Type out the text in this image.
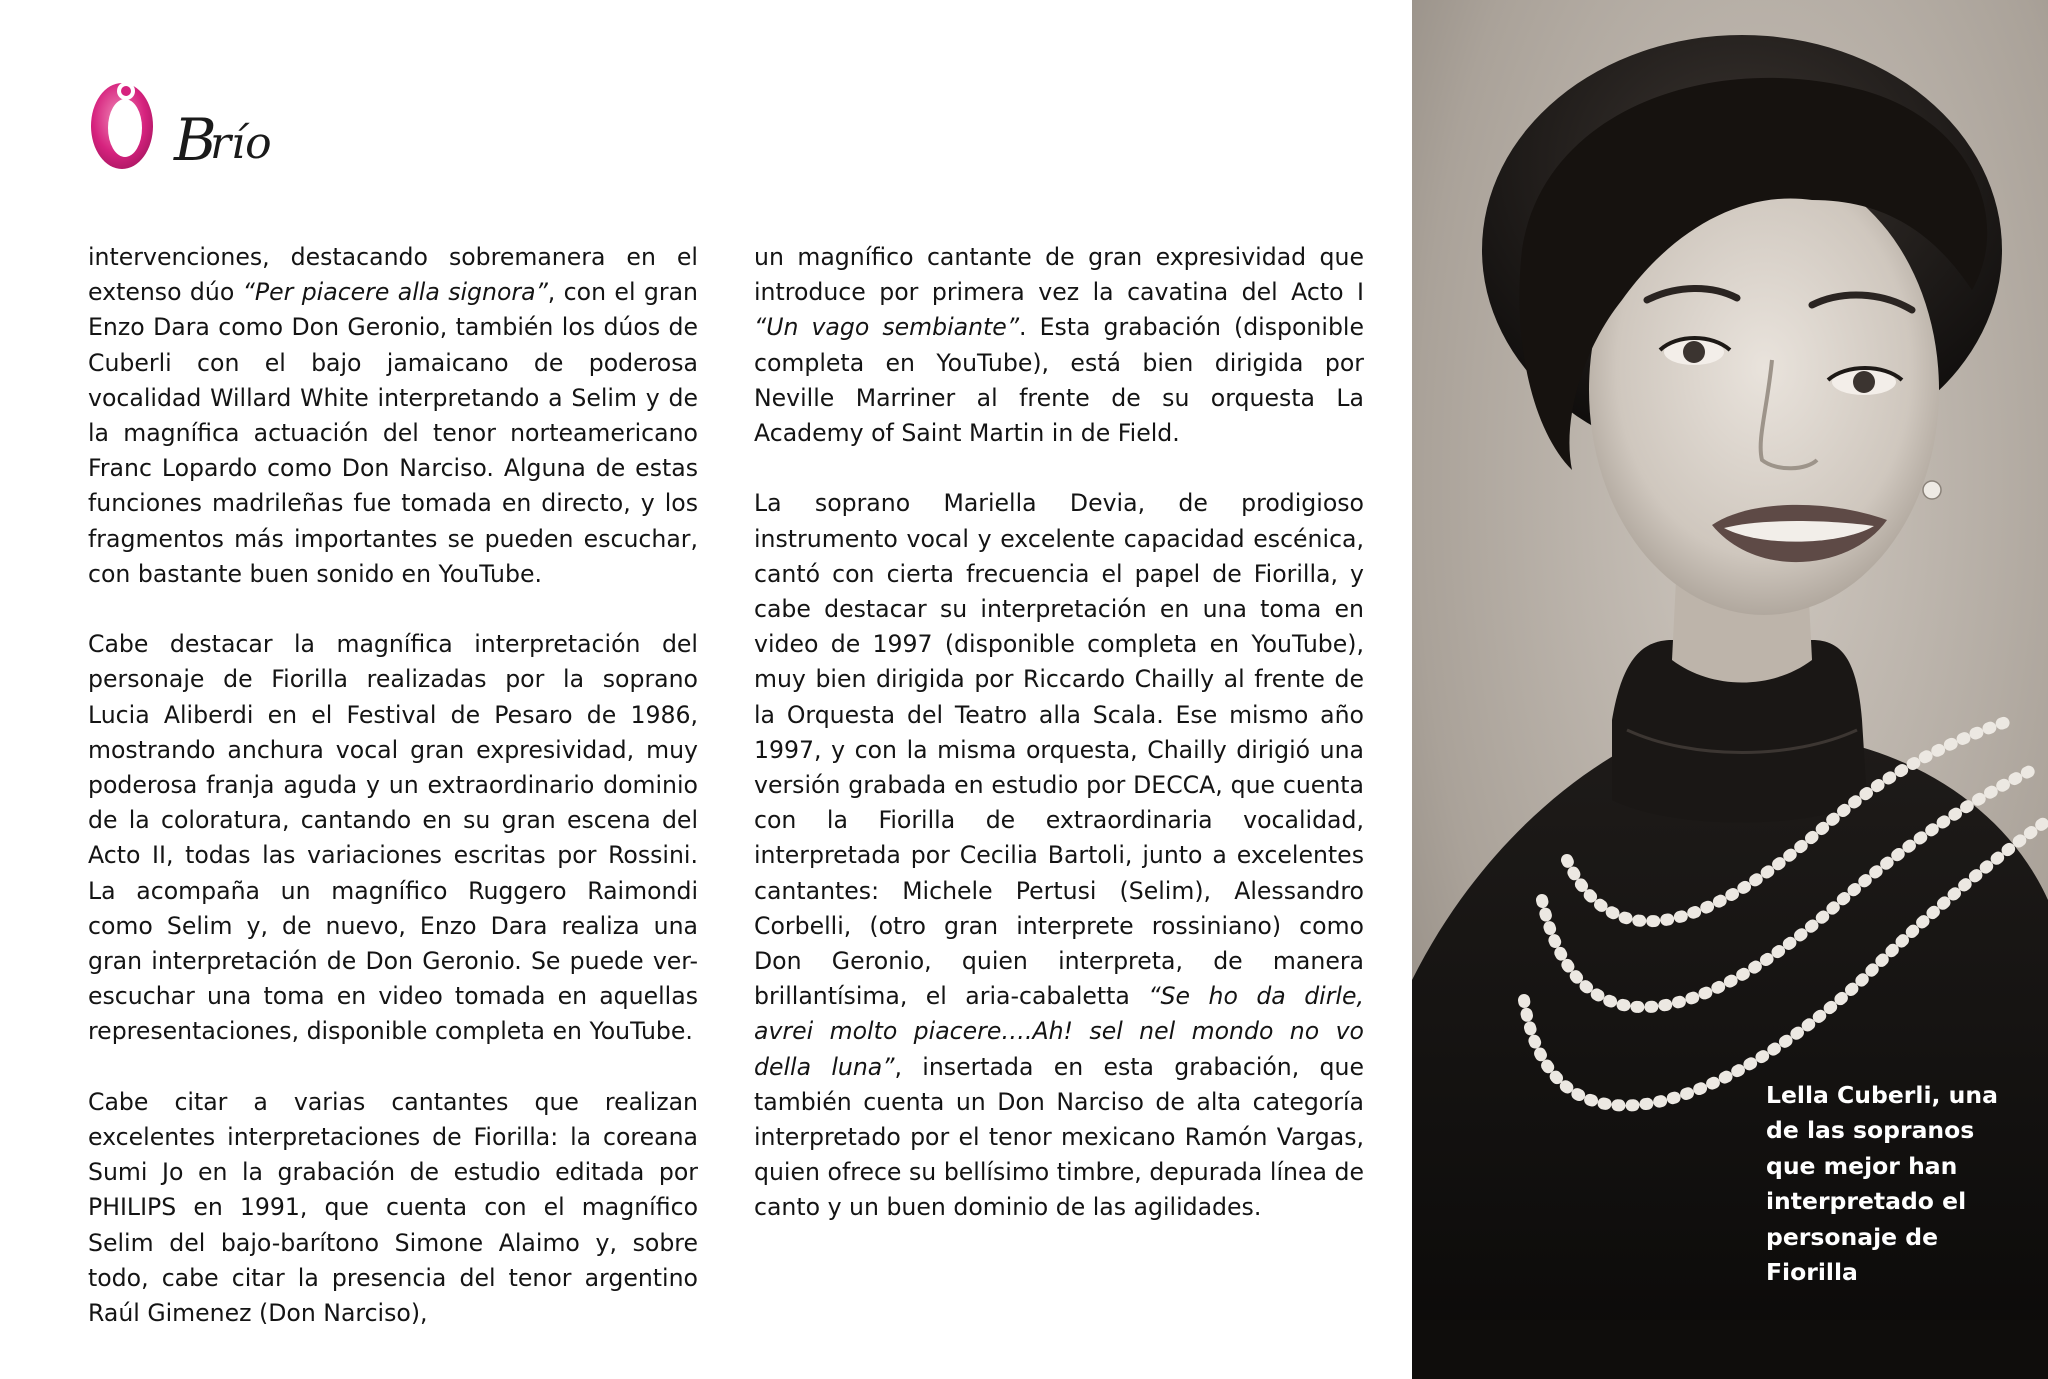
B
río

intervenciones, destacando sobremanera en el extenso dúo “Per piacere alla signora”, con el gran Enzo Dara como Don Geronio, también los dúos de Cuberli con el bajo jamaicano de poderosa vocalidad Willard White interpretando a Selim y de la magnífica actuación del tenor norteamericano Franc Lopardo como Don Narciso. Alguna de estas funciones madrileñas fue tomada en directo, y los fragmentos más importantes se pueden escuchar, con bastante buen sonido en YouTube.

Cabe destacar la magnífica interpretación del personaje de Fiorilla realizadas por la soprano Lucia Aliberdi en el Festival de Pesaro de 1986, mostrando anchura vocal gran expresividad, muy poderosa franja aguda y un extraordinario dominio de la coloratura, cantando en su gran escena del Acto II, todas las variaciones escritas por Rossini. La acompaña un magnífico Ruggero Raimondi como Selim y, de nuevo, Enzo Dara realiza una gran interpretación de Don Geronio. Se puede ver-escuchar una toma en video tomada en aquellas representaciones, disponible completa en YouTube.

Cabe citar a varias cantantes que realizan excelentes interpretaciones de Fiorilla: la coreana Sumi Jo en la grabación de estudio editada por PHILIPS en 1991, que cuenta con el magnífico Selim del bajo-barítono Simone Alaimo y, sobre todo, cabe citar la presencia del tenor argentino Raúl Gimenez (Don Narciso),

un magnífico cantante de gran expresividad que introduce por primera vez la cavatina del Acto I “Un vago sembiante”. Esta grabación (disponible completa en YouTube), está bien dirigida por Neville Marriner al frente de su orquesta La Academy of Saint Martin in de Field.

La soprano Mariella Devia, de prodigioso instrumento vocal y excelente capacidad escénica, cantó con cierta frecuencia el papel de Fiorilla, y cabe destacar su interpretación en una toma en video de 1997 (disponible completa en YouTube), muy bien dirigida por Riccardo Chailly al frente de la Orquesta del Teatro alla Scala. Ese mismo año 1997, y con la misma orquesta, Chailly dirigió una versión grabada en estudio por DECCA, que cuenta con la Fiorilla de extraordinaria vocalidad, interpretada por Cecilia Bartoli, junto a excelentes cantantes: Michele Pertusi (Selim), Alessandro Corbelli, (otro gran interprete rossiniano) como Don Geronio, quien interpreta, de manera brillantísima, el aria-cabaletta “Se ho da dirle, avrei molto piacere….Ah! sel nel mondo no vo della luna”, insertada en esta grabación, que también cuenta un Don Narciso de alta categoría interpretado por el tenor mexicano Ramón Vargas, quien ofrece su bellísimo timbre, depurada línea de canto y un buen dominio de las agilidades.

Lella Cuberli, una de las sopranos que mejor han interpretado el personaje de Fiorilla
